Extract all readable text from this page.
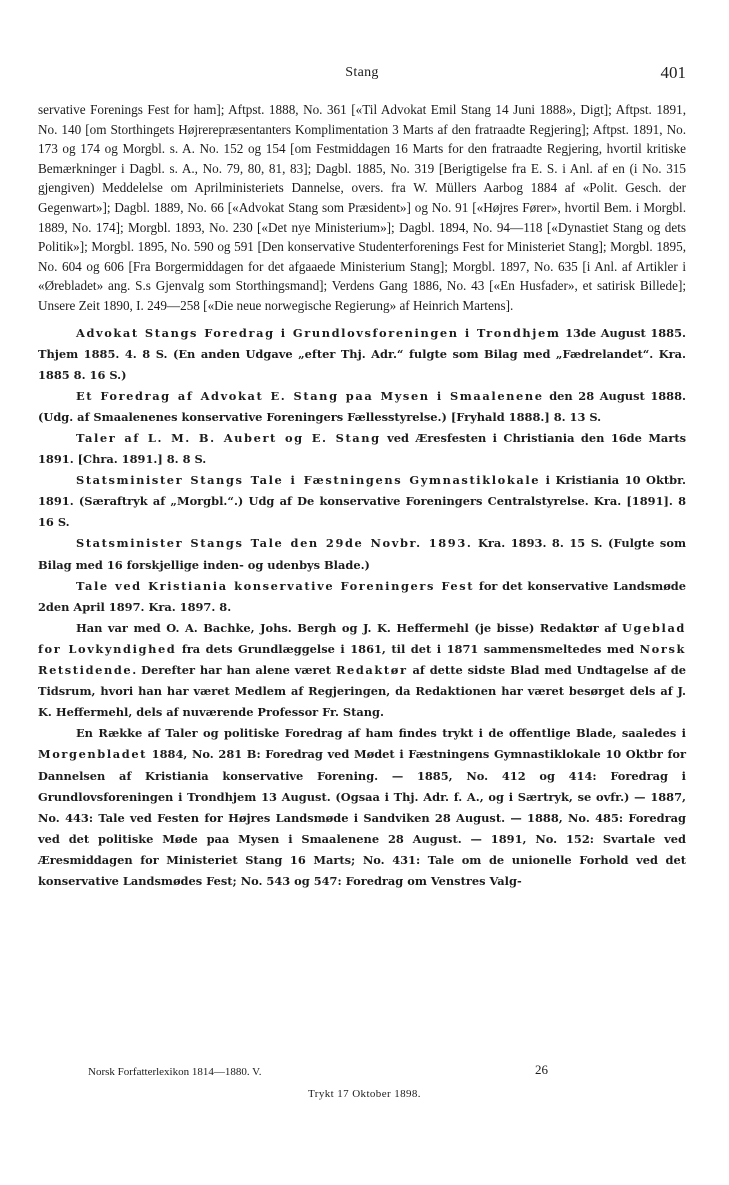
Stang	401

servative Forenings Fest for ham]; Aftpst. 1888, No. 361 [«Til Advokat Emil Stang 14 Juni 1888», Digt]; Aftpst. 1891, No. 140 [om Storthingets Højrerepræsentanters Komplimentation 3 Marts af den fratraadte Regjering]; Aftpst. 1891, No. 173 og 174 og Morgbl. s. A. No. 152 og 154 [om Festmiddagen 16 Marts for den fratraadte Regjering, hvortil kritiske Bemærkninger i Dagbl. s. A., No. 79, 80, 81, 83]; Dagbl. 1885, No. 319 [Berigtigelse fra E. S. i Anl. af en (i No. 315 gjengiven) Meddelelse om Aprilministeriets Dannelse, overs. fra W. Müllers Aarbog 1884 af «Polit. Gesch. der Gegenwart»]; Dagbl. 1889, No. 66 [«Advokat Stang som Præsident»] og No. 91 [«Højres Fører», hvortil Bem. i Morgbl. 1889, No. 174]; Morgbl. 1893, No. 230 [«Det nye Ministerium»]; Dagbl. 1894, No. 94—118 [«Dynastiet Stang og dets Politik»]; Morgbl. 1895, No. 590 og 591 [Den konservative Studenterforenings Fest for Ministeriet Stang]; Morgbl. 1895, No. 604 og 606 [Fra Borgermiddagen for det afgaaede Ministerium Stang]; Morgbl. 1897, No. 635 [i Anl. af Artikler i «Ørebladet» ang. S.s Gjenvalg som Storthingsmand]; Verdens Gang 1886, No. 43 [«En Husfader», et satirisk Billede]; Unsere Zeit 1890, I. 249—258 [«Die neue norwegische Regierung» af Heinrich Martens].

Advokat Stangs Foredrag i Grundlovsforeningen i Trondhjem 13de August 1885. Thjem 1885. 4. 8 S. (En anden Udgave „efter Thj. Adr.“ fulgte som Bilag med „Fædrelandet“. Kra. 1885 8. 16 S.)

Et Foredrag af Advokat E. Stang paa Mysen i Smaalenene den 28 August 1888. (Udg. af Smaalenenes konservative Foreningers Fællesstyrelse.) [Fryhald 1888.] 8. 13 S.

Taler af L. M. B. Aubert og E. Stang ved Æresfesten i Christiania den 16de Marts 1891. [Chra. 1891.] 8. 8 S.

Statsminister Stangs Tale i Fæstningens Gymnastiklokale i Kristiania 10 Oktbr. 1891. (Særaftryk af „Morgbl.“.) Udg af De konservative Foreningers Centralstyrelse. Kra. [1891]. 8 16 S.

Statsminister Stangs Tale den 29de Novbr. 1893. Kra. 1893. 8. 15 S. (Fulgte som Bilag med 16 forskjellige inden- og udenbys Blade.)

Tale ved Kristiania konservative Foreningers Fest for det konservative Landsmøde 2den April 1897. Kra. 1897. 8.

Han var med O. A. Bachke, Johs. Bergh og J. K. Heffermehl (je bisse) Redaktør af Ugeblad for Lovkyndighed fra dets Grundlæggelse i 1861, til det i 1871 sammensmeltedes med Norsk Retstidende. Derefter har han alene været Redaktør af dette sidste Blad med Undtagelse af de Tidsrum, hvori han har været Medlem af Regjeringen, da Redaktionen har været besørget dels af J. K. Heffermehl, dels af nuværende Professor Fr. Stang.

En Række af Taler og politiske Foredrag af ham findes trykt i de offentlige Blade, saaledes i Morgenbladet 1884, No. 281 B: Foredrag ved Mødet i Fæstningens Gymnastiklokale 10 Oktbr for Dannelsen af Kristiania konservative Forening. — 1885, No. 412 og 414: Foredrag i Grundlovsforeningen i Trondhjem 13 August. (Ogsaa i Thj. Adr. f. A., og i Særtryk, se ovfr.) — 1887, No. 443: Tale ved Festen for Højres Landsmøde i Sandviken 28 August. — 1888, No. 485: Foredrag ved det politiske Møde paa Mysen i Smaalenene 28 August. — 1891, No. 152: Svartale ved Æresmiddagen for Ministeriet Stang 16 Marts; No. 431: Tale om de unionelle Forhold ved det konservative Landsmødes Fest; No. 543 og 547: Foredrag om Venstres Valg-

Norsk Forfatterlexikon 1814—1880. V.	26
Trykt 17 Oktober 1898.
